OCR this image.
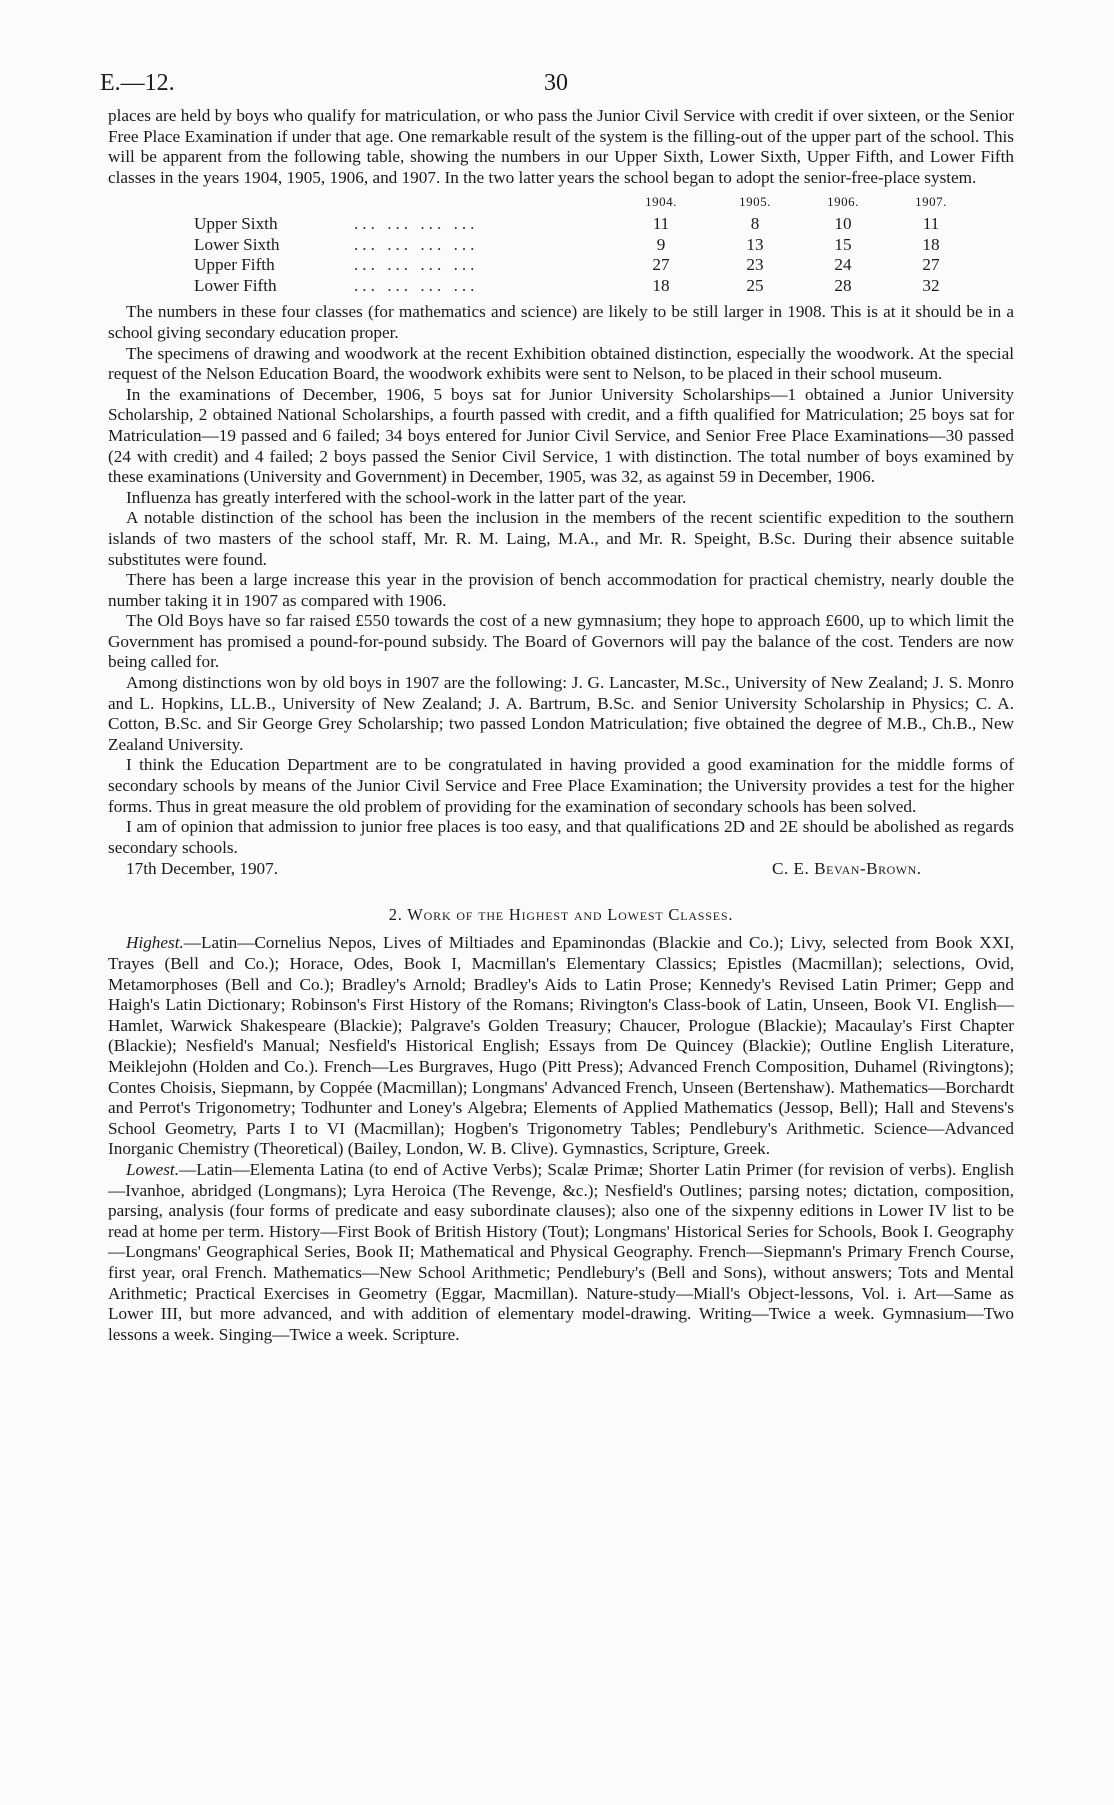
E.—12.	30

places are held by boys who qualify for matriculation, or who pass the Junior Civil Service with credit if over sixteen, or the Senior Free Place Examination if under that age. One remarkable result of the system is the filling-out of the upper part of the school. This will be apparent from the following table, showing the numbers in our Upper Sixth, Lower Sixth, Upper Fifth, and Lower Fifth classes in the years 1904, 1905, 1906, and 1907. In the two latter years the school began to adopt the senior-free-place system.

1904.	1905.	1906.	1907.
Upper Sixth	... ... ... ...	11	8	10	11
Lower Sixth	... ... ... ...	9	13	15	18
Upper Fifth	... ... ... ...	27	23	24	27
Lower Fifth	... ... ... ...	18	25	28	32

The numbers in these four classes (for mathematics and science) are likely to be still larger in 1908. This is at it should be in a school giving secondary education proper.

The specimens of drawing and woodwork at the recent Exhibition obtained distinction, especially the woodwork. At the special request of the Nelson Education Board, the woodwork exhibits were sent to Nelson, to be placed in their school museum.

In the examinations of December, 1906, 5 boys sat for Junior University Scholarships—1 obtained a Junior University Scholarship, 2 obtained National Scholarships, a fourth passed with credit, and a fifth qualified for Matriculation; 25 boys sat for Matriculation—19 passed and 6 failed; 34 boys entered for Junior Civil Service, and Senior Free Place Examinations—30 passed (24 with credit) and 4 failed; 2 boys passed the Senior Civil Service, 1 with distinction. The total number of boys examined by these examinations (University and Government) in December, 1905, was 32, as against 59 in December, 1906.

Influenza has greatly interfered with the school-work in the latter part of the year.

A notable distinction of the school has been the inclusion in the members of the recent scientific expedition to the southern islands of two masters of the school staff, Mr. R. M. Laing, M.A., and Mr. R. Speight, B.Sc. During their absence suitable substitutes were found.

There has been a large increase this year in the provision of bench accommodation for practical chemistry, nearly double the number taking it in 1907 as compared with 1906.

The Old Boys have so far raised £550 towards the cost of a new gymnasium; they hope to approach £600, up to which limit the Government has promised a pound-for-pound subsidy. The Board of Governors will pay the balance of the cost. Tenders are now being called for.

Among distinctions won by old boys in 1907 are the following: J. G. Lancaster, M.Sc., University of New Zealand; J. S. Monro and L. Hopkins, LL.B., University of New Zealand; J. A. Bartrum, B.Sc. and Senior University Scholarship in Physics; C. A. Cotton, B.Sc. and Sir George Grey Scholarship; two passed London Matriculation; five obtained the degree of M.B., Ch.B., New Zealand University.

I think the Education Department are to be congratulated in having provided a good examination for the middle forms of secondary schools by means of the Junior Civil Service and Free Place Examination; the University provides a test for the higher forms. Thus in great measure the old problem of providing for the examination of secondary schools has been solved.

I am of opinion that admission to junior free places is too easy, and that qualifications 2D and 2E should be abolished as regards secondary schools.

17th December, 1907.	C. E. Bevan-Brown.
2. Work of the Highest and Lowest Classes.

Highest.—Latin—Cornelius Nepos, Lives of Miltiades and Epaminondas (Blackie and Co.); Livy, selected from Book XXI, Trayes (Bell and Co.); Horace, Odes, Book I, Macmillan's Elementary Classics; Epistles (Macmillan); selections, Ovid, Metamorphoses (Bell and Co.); Bradley's Arnold; Bradley's Aids to Latin Prose; Kennedy's Revised Latin Primer; Gepp and Haigh's Latin Dictionary; Robinson's First History of the Romans; Rivington's Class-book of Latin, Unseen, Book VI. English—Hamlet, Warwick Shakespeare (Blackie); Palgrave's Golden Treasury; Chaucer, Prologue (Blackie); Macaulay's First Chapter (Blackie); Nesfield's Manual; Nesfield's Historical English; Essays from De Quincey (Blackie); Outline English Literature, Meiklejohn (Holden and Co.). French—Les Burgraves, Hugo (Pitt Press); Advanced French Composition, Duhamel (Rivingtons); Contes Choisis, Siepmann, by Coppée (Macmillan); Longmans' Advanced French, Unseen (Bertenshaw). Mathematics—Borchardt and Perrot's Trigonometry; Todhunter and Loney's Algebra; Elements of Applied Mathematics (Jessop, Bell); Hall and Stevens's School Geometry, Parts I to VI (Macmillan); Hogben's Trigonometry Tables; Pendlebury's Arithmetic. Science—Advanced Inorganic Chemistry (Theoretical) (Bailey, London, W. B. Clive). Gymnastics, Scripture, Greek.

Lowest.—Latin—Elementa Latina (to end of Active Verbs); Scalæ Primæ; Shorter Latin Primer (for revision of verbs). English—Ivanhoe, abridged (Longmans); Lyra Heroica (The Revenge, &c.); Nesfield's Outlines; parsing notes; dictation, composition, parsing, analysis (four forms of predicate and easy subordinate clauses); also one of the sixpenny editions in Lower IV list to be read at home per term. History—First Book of British History (Tout); Longmans' Historical Series for Schools, Book I. Geography—Longmans' Geographical Series, Book II; Mathematical and Physical Geography. French—Siepmann's Primary French Course, first year, oral French. Mathematics—New School Arithmetic; Pendlebury's (Bell and Sons), without answers; Tots and Mental Arithmetic; Practical Exercises in Geometry (Eggar, Macmillan). Nature-study—Miall's Object-lessons, Vol. i. Art—Same as Lower III, but more advanced, and with addition of elementary model-drawing. Writing—Twice a week. Gymnasium—Two lessons a week. Singing—Twice a week. Scripture.
